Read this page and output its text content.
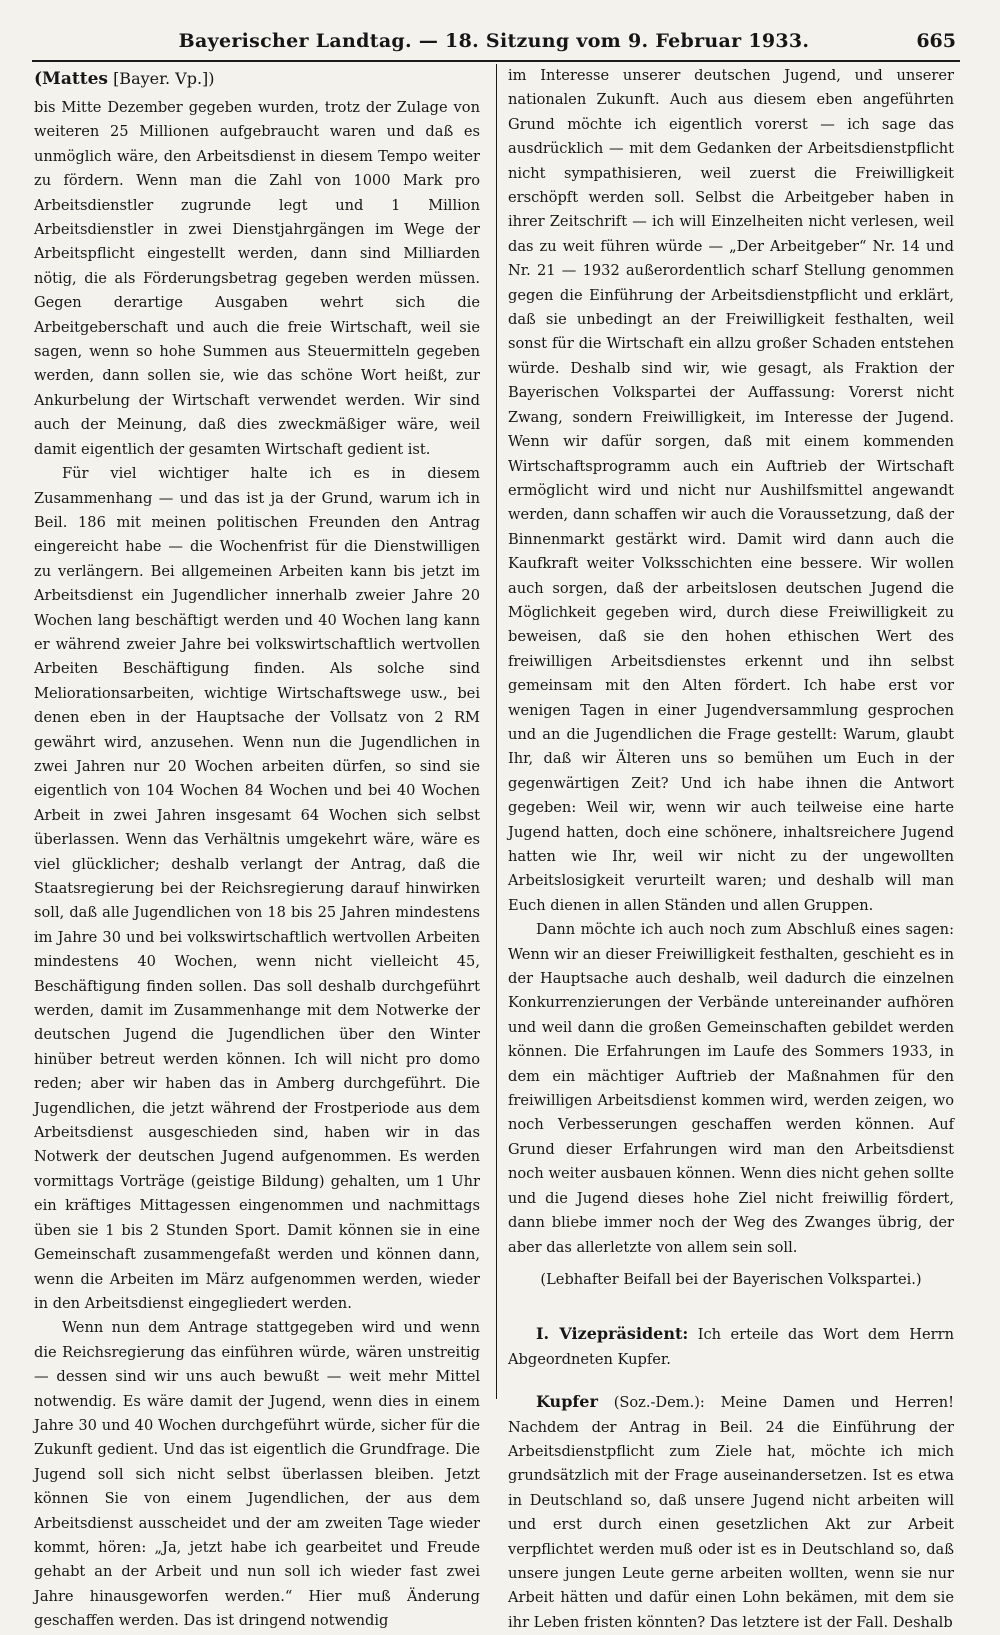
Bayerischer Landtag. — 18. Sitzung vom 9. Februar 1933.	665
(Mattes [Bayer. Vp.])

bis Mitte Dezember gegeben wurden, trotz der Zulage von weiteren 25 Millionen aufgebraucht waren und daß es unmöglich wäre, den Arbeitsdienst in diesem Tempo weiter zu fördern. Wenn man die Zahl von 1000 Mark pro Arbeitsdienstler zugrunde legt und 1 Million Arbeitsdienstler in zwei Dienstjahrgängen im Wege der Arbeitspflicht eingestellt werden, dann sind Milliarden nötig, die als Förderungsbetrag gegeben werden müssen. Gegen derartige Ausgaben wehrt sich die Arbeitgeberschaft und auch die freie Wirtschaft, weil sie sagen, wenn so hohe Summen aus Steuermitteln gegeben werden, dann sollen sie, wie das schöne Wort heißt, zur Ankurbelung der Wirtschaft verwendet werden. Wir sind auch der Meinung, daß dies zweckmäßiger wäre, weil damit eigentlich der gesamten Wirtschaft gedient ist.

Für viel wichtiger halte ich es in diesem Zusammenhang — und das ist ja der Grund, warum ich in Beil. 186 mit meinen politischen Freunden den Antrag eingereicht habe — die Wochenfrist für die Dienstwilligen zu verlängern. Bei allgemeinen Arbeiten kann bis jetzt im Arbeitsdienst ein Jugendlicher innerhalb zweier Jahre 20 Wochen lang beschäftigt werden und 40 Wochen lang kann er während zweier Jahre bei volkswirtschaftlich wertvollen Arbeiten Beschäftigung finden. Als solche sind Meliorationsarbeiten, wichtige Wirtschaftswege usw., bei denen eben in der Hauptsache der Vollsatz von 2 RM gewährt wird, anzusehen. Wenn nun die Jugendlichen in zwei Jahren nur 20 Wochen arbeiten dürfen, so sind sie eigentlich von 104 Wochen 84 Wochen und bei 40 Wochen Arbeit in zwei Jahren insgesamt 64 Wochen sich selbst überlassen. Wenn das Verhältnis umgekehrt wäre, wäre es viel glücklicher; deshalb verlangt der Antrag, daß die Staatsregierung bei der Reichsregierung darauf hinwirken soll, daß alle Jugendlichen von 18 bis 25 Jahren mindestens im Jahre 30 und bei volkswirtschaftlich wertvollen Arbeiten mindestens 40 Wochen, wenn nicht vielleicht 45, Beschäftigung finden sollen. Das soll deshalb durchgeführt werden, damit im Zusammenhange mit dem Notwerke der deutschen Jugend die Jugendlichen über den Winter hinüber betreut werden können. Ich will nicht pro domo reden; aber wir haben das in Amberg durchgeführt. Die Jugendlichen, die jetzt während der Frostperiode aus dem Arbeitsdienst ausgeschieden sind, haben wir in das Notwerk der deutschen Jugend aufgenommen. Es werden vormittags Vorträge (geistige Bildung) gehalten, um 1 Uhr ein kräftiges Mittagessen eingenommen und nachmittags üben sie 1 bis 2 Stunden Sport. Damit können sie in eine Gemeinschaft zusammengefaßt werden und können dann, wenn die Arbeiten im März aufgenommen werden, wieder in den Arbeitsdienst eingegliedert werden.

Wenn nun dem Antrage stattgegeben wird und wenn die Reichsregierung das einführen würde, wären unstreitig — dessen sind wir uns auch bewußt — weit mehr Mittel notwendig. Es wäre damit der Jugend, wenn dies in einem Jahre 30 und 40 Wochen durchgeführt würde, sicher für die Zukunft gedient. Und das ist eigentlich die Grundfrage. Die Jugend soll sich nicht selbst überlassen bleiben. Jetzt können Sie von einem Jugendlichen, der aus dem Arbeitsdienst ausscheidet und der am zweiten Tage wieder kommt, hören: „Ja, jetzt habe ich gearbeitet und Freude gehabt an der Arbeit und nun soll ich wieder fast zwei Jahre hinausgeworfen werden.“ Hier muß Änderung geschaffen werden. Das ist dringend notwendig

im Interesse unserer deutschen Jugend, und unserer nationalen Zukunft. Auch aus diesem eben angeführten Grund möchte ich eigentlich vorerst — ich sage das ausdrücklich — mit dem Gedanken der Arbeitsdienstpflicht nicht sympathisieren, weil zuerst die Freiwilligkeit erschöpft werden soll. Selbst die Arbeitgeber haben in ihrer Zeitschrift — ich will Einzelheiten nicht verlesen, weil das zu weit führen würde — „Der Arbeitgeber“ Nr. 14 und Nr. 21 — 1932 außerordentlich scharf Stellung genommen gegen die Einführung der Arbeitsdienstpflicht und erklärt, daß sie unbedingt an der Freiwilligkeit festhalten, weil sonst für die Wirtschaft ein allzu großer Schaden entstehen würde. Deshalb sind wir, wie gesagt, als Fraktion der Bayerischen Volkspartei der Auffassung: Vorerst nicht Zwang, sondern Freiwilligkeit, im Interesse der Jugend. Wenn wir dafür sorgen, daß mit einem kommenden Wirtschaftsprogramm auch ein Auftrieb der Wirtschaft ermöglicht wird und nicht nur Aushilfsmittel angewandt werden, dann schaffen wir auch die Voraussetzung, daß der Binnenmarkt gestärkt wird. Damit wird dann auch die Kaufkraft weiter Volksschichten eine bessere. Wir wollen auch sorgen, daß der arbeitslosen deutschen Jugend die Möglichkeit gegeben wird, durch diese Freiwilligkeit zu beweisen, daß sie den hohen ethischen Wert des freiwilligen Arbeitsdienstes erkennt und ihn selbst gemeinsam mit den Alten fördert. Ich habe erst vor wenigen Tagen in einer Jugendversammlung gesprochen und an die Jugendlichen die Frage gestellt: Warum, glaubt Ihr, daß wir Älteren uns so bemühen um Euch in der gegenwärtigen Zeit? Und ich habe ihnen die Antwort gegeben: Weil wir, wenn wir auch teilweise eine harte Jugend hatten, doch eine schönere, inhaltsreichere Jugend hatten wie Ihr, weil wir nicht zu der ungewollten Arbeitslosigkeit verurteilt waren; und deshalb will man Euch dienen in allen Ständen und allen Gruppen.

Dann möchte ich auch noch zum Abschluß eines sagen: Wenn wir an dieser Freiwilligkeit festhalten, geschieht es in der Hauptsache auch deshalb, weil dadurch die einzelnen Konkurrenzierungen der Verbände untereinander aufhören und weil dann die großen Gemeinschaften gebildet werden können. Die Erfahrungen im Laufe des Sommers 1933, in dem ein mächtiger Auftrieb der Maßnahmen für den freiwilligen Arbeitsdienst kommen wird, werden zeigen, wo noch Verbesserungen geschaffen werden können. Auf Grund dieser Erfahrungen wird man den Arbeitsdienst noch weiter ausbauen können. Wenn dies nicht gehen sollte und die Jugend dieses hohe Ziel nicht freiwillig fördert, dann bliebe immer noch der Weg des Zwanges übrig, der aber das allerletzte von allem sein soll.

(Lebhafter Beifall bei der Bayerischen Volkspartei.)

I. Vizepräsident: Ich erteile das Wort dem Herrn Abgeordneten Kupfer.

Kupfer (Soz.-Dem.): Meine Damen und Herren! Nachdem der Antrag in Beil. 24 die Einführung der Arbeitsdienstpflicht zum Ziele hat, möchte ich mich grundsätzlich mit der Frage auseinandersetzen. Ist es etwa in Deutschland so, daß unsere Jugend nicht arbeiten will und erst durch einen gesetzlichen Akt zur Arbeit verpflichtet werden muß oder ist es in Deutschland so, daß unsere jungen Leute gerne arbeiten wollten, wenn sie nur Arbeit hätten und dafür einen Lohn bekämen, mit dem sie ihr Leben fristen könnten? Das letztere ist der Fall. Deshalb
